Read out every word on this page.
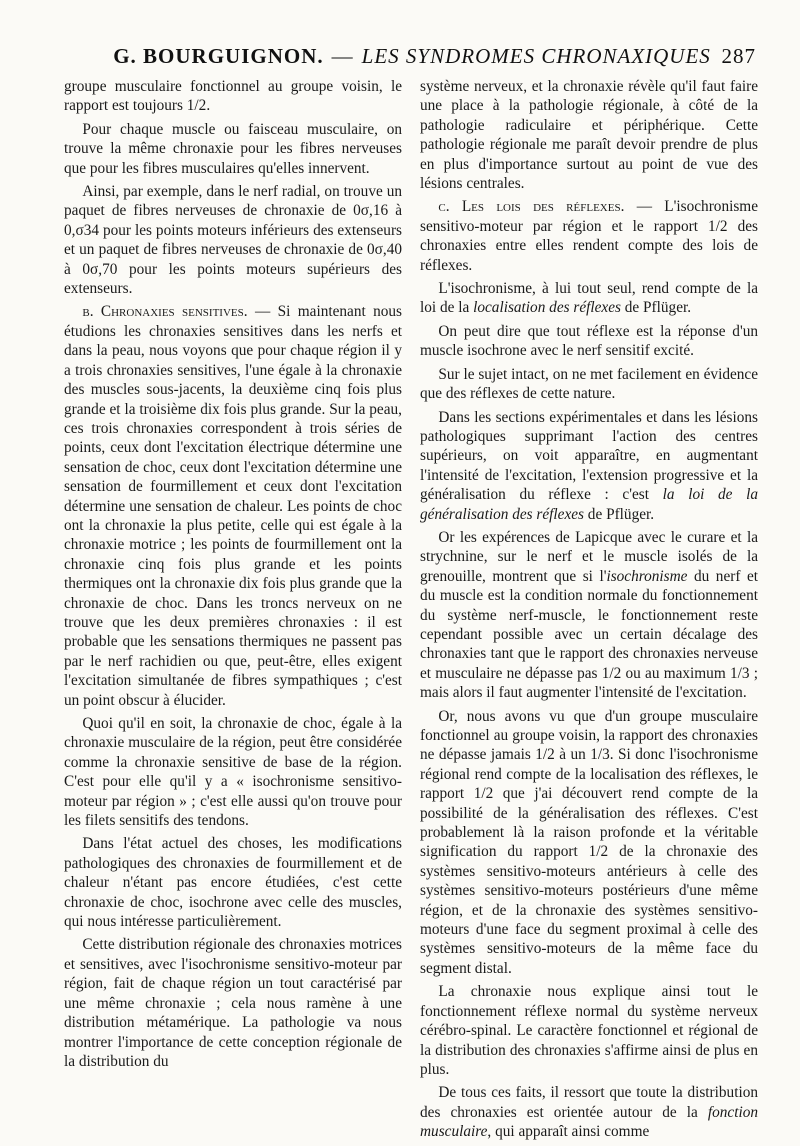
G. BOURGUIGNON. — LES SYNDROMES CHRONAXIQUES 287

groupe musculaire fonctionnel au groupe voisin, le rapport est toujours 1/2.

Pour chaque muscle ou faisceau musculaire, on trouve la même chronaxie pour les fibres nerveuses que pour les fibres musculaires qu'elles innervent.

Ainsi, par exemple, dans le nerf radial, on trouve un paquet de fibres nerveuses de chronaxie de 0σ,16 à 0,σ34 pour les points moteurs inférieurs des extenseurs et un paquet de fibres nerveuses de chronaxie de 0σ,40 à 0σ,70 pour les points moteurs supérieurs des extenseurs.

b. Chronaxies sensitives. — Si maintenant nous étudions les chronaxies sensitives dans les nerfs et dans la peau, nous voyons que pour chaque région il y a trois chronaxies sensitives, l'une égale à la chronaxie des muscles sous-jacents, la deuxième cinq fois plus grande et la troisième dix fois plus grande. Sur la peau, ces trois chronaxies correspondent à trois séries de points, ceux dont l'excitation électrique détermine une sensation de choc, ceux dont l'excitation détermine une sensation de fourmillement et ceux dont l'excitation détermine une sensation de chaleur. Les points de choc ont la chronaxie la plus petite, celle qui est égale à la chronaxie motrice ; les points de fourmillement ont la chronaxie cinq fois plus grande et les points thermiques ont la chronaxie dix fois plus grande que la chronaxie de choc. Dans les troncs nerveux on ne trouve que les deux premières chronaxies : il est probable que les sensations thermiques ne passent pas par le nerf rachidien ou que, peut-être, elles exigent l'excitation simultanée de fibres sympathiques ; c'est un point obscur à élucider.

Quoi qu'il en soit, la chronaxie de choc, égale à la chronaxie musculaire de la région, peut être considérée comme la chronaxie sensitive de base de la région. C'est pour elle qu'il y a « isochronisme sensitivo-moteur par région » ; c'est elle aussi qu'on trouve pour les filets sensitifs des tendons.

Dans l'état actuel des choses, les modifications pathologiques des chronaxies de fourmillement et de chaleur n'étant pas encore étudiées, c'est cette chronaxie de choc, isochrone avec celle des muscles, qui nous intéresse particulièrement.

Cette distribution régionale des chronaxies motrices et sensitives, avec l'isochronisme sensitivo-moteur par région, fait de chaque région un tout caractérisé par une même chronaxie ; cela nous ramène à une distribution métamérique. La pathologie va nous montrer l'importance de cette conception régionale de la distribution du

système nerveux, et la chronaxie révèle qu'il faut faire une place à la pathologie régionale, à côté de la pathologie radiculaire et périphérique. Cette pathologie régionale me paraît devoir prendre de plus en plus d'importance surtout au point de vue des lésions centrales.

c. Les lois des réflexes. — L'isochronisme sensitivo-moteur par région et le rapport 1/2 des chronaxies entre elles rendent compte des lois de réflexes.

L'isochronisme, à lui tout seul, rend compte de la loi de la localisation des réflexes de Pflüger.

On peut dire que tout réflexe est la réponse d'un muscle isochrone avec le nerf sensitif excité.

Sur le sujet intact, on ne met facilement en évidence que des réflexes de cette nature.

Dans les sections expérimentales et dans les lésions pathologiques supprimant l'action des centres supérieurs, on voit apparaître, en augmentant l'intensité de l'excitation, l'extension progressive et la généralisation du réflexe : c'est la loi de la généralisation des réflexes de Pflüger.

Or les expérences de Lapicque avec le curare et la strychnine, sur le nerf et le muscle isolés de la grenouille, montrent que si l'isochronisme du nerf et du muscle est la condition normale du fonctionnement du système nerf-muscle, le fonctionnement reste cependant possible avec un certain décalage des chronaxies tant que le rapport des chronaxies nerveuse et musculaire ne dépasse pas 1/2 ou au maximum 1/3 ; mais alors il faut augmenter l'intensité de l'excitation.

Or, nous avons vu que d'un groupe musculaire fonctionnel au groupe voisin, la rapport des chronaxies ne dépasse jamais 1/2 à un 1/3. Si donc l'isochronisme régional rend compte de la localisation des réflexes, le rapport 1/2 que j'ai découvert rend compte de la possibilité de la généralisation des réflexes. C'est probablement là la raison profonde et la véritable signification du rapport 1/2 de la chronaxie des systèmes sensitivo-moteurs antérieurs à celle des systèmes sensitivo-moteurs postérieurs d'une même région, et de la chronaxie des systèmes sensitivo-moteurs d'une face du segment proximal à celle des systèmes sensitivo-moteurs de la même face du segment distal.

La chronaxie nous explique ainsi tout le fonctionnement réflexe normal du système nerveux cérébro-spinal. Le caractère fonctionnel et régional de la distribution des chronaxies s'affirme ainsi de plus en plus.

De tous ces faits, il ressort que toute la distribution des chronaxies est orientée autour de la fonction musculaire, qui apparaît ainsi comme
